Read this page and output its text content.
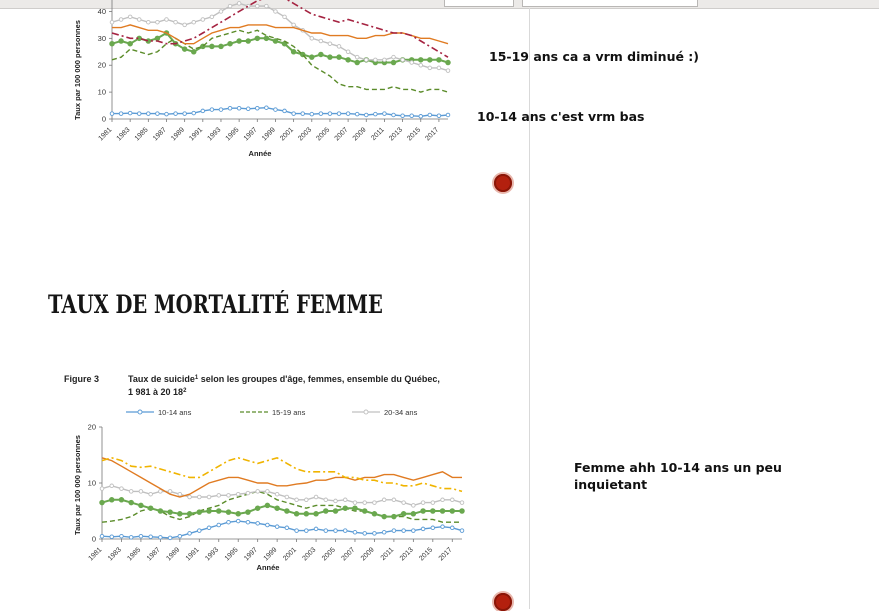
0
10
20
30
40
1981 1983 1985 1987 1989 1991 1993 1995 1997 1999 2001 2003 2005 2007 2009 2011 2013 2015 2017
Taux par 100 000 personnes
Année
15-19 ans ca a vrm diminué :)
10-14 ans c'est vrm bas
Femme ahh 10-14 ans un peu inquietant
TAUX DE MORTALITÉ FEMME
Figure 3	Taux de suicide$^1$ selon les groupes d'âge, femmes, ensemble du Québec,
1 981 à 20 $18^2$
10-14 ans	15-19 ans	20-34 ans
0
10
20
1981 1983 1985 1987 1989 1991 1993 1995 1997 1999 2001 2003 2005 2007 2009 2011 2013 2015 2017
Taux par 100 000 personnes
Année
